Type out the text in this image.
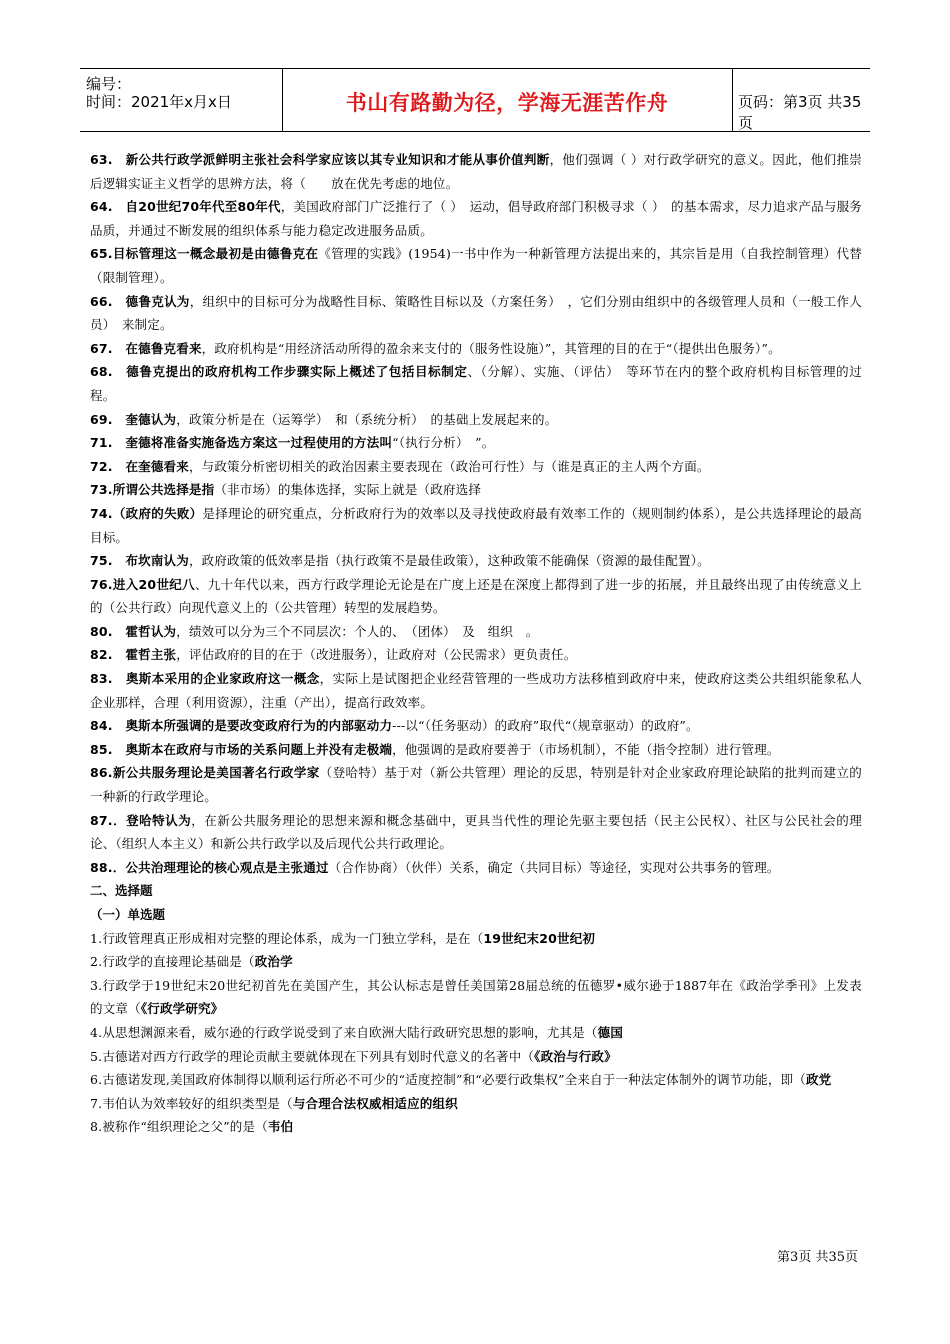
编号：
时间：2021年x月x日	书山有路勤为径，学海无涯苦作舟	页码：第3页 共35页

63.　新公共行政学派鲜明主张社会科学家应该以其专业知识和才能从事价值判断，他们强调（ ）对行政学研究的意义。因此，他们推崇后逻辑实证主义哲学的思辨方法，将（　　放在优先考虑的地位。

64.　自20世纪70年代至80年代，美国政府部门广泛推行了（ ）　运动，倡导政府部门积极寻求（ ）　的基本需求，尽力追求产品与服务品质，并通过不断发展的组织体系与能力稳定改进服务品质。

65.目标管理这一概念最初是由德鲁克在《管理的实践》(1954)一书中作为一种新管理方法提出来的，其宗旨是用（自我控制管理）代替（限制管理）。

66.　德鲁克认为，组织中的目标可分为战略性目标、策略性目标以及（方案任务）　，它们分别由组织中的各级管理人员和（一般工作人员）　来制定。

67.　在德鲁克看来，政府机构是“用经济活动所得的盈余来支付的（服务性设施）”，其管理的目的在于“（提供出色服务）”。

68.　德鲁克提出的政府机构工作步骤实际上概述了包括目标制定、（分解）、实施、（评估）　等环节在内的整个政府机构目标管理的过程。

69.　奎德认为，政策分析是在（运筹学）　和（系统分析）　的基础上发展起来的。

71.　奎德将准备实施备选方案这一过程使用的方法叫“（执行分析）　”。

72.　在奎德看来，与政策分析密切相关的政治因素主要表现在（政治可行性）与（谁是真正的主人两个方面。

73.所谓公共选择是指（非市场）的集体选择，实际上就是（政府选择

74.（政府的失败）是择理论的研究重点，分析政府行为的效率以及寻找使政府最有效率工作的（规则制约体系），是公共选择理论的最高目标。

75.　布坎南认为，政府政策的低效率是指（执行政策不是最佳政策），这种政策不能确保（资源的最佳配置）。

76.进入20世纪八、九十年代以来，西方行政学理论无论是在广度上还是在深度上都得到了进一步的拓展，并且最终出现了由传统意义上的（公共行政）向现代意义上的（公共管理）转型的发展趋势。

80.　霍哲认为，绩效可以分为三个不同层次：个人的、　（团体）　及　组织　。

82.　霍哲主张，评估政府的目的在于（改进服务），让政府对（公民需求）更负责任。

83.　奥斯本采用的企业家政府这一概念，实际上是试图把企业经营管理的一些成功方法移植到政府中来，使政府这类公共组织能象私人企业那样，合理（利用资源），注重（产出），提高行政效率。

84.　奥斯本所强调的是要改变政府行为的内部驱动力---以“（任务驱动）的政府”取代“（规章驱动）的政府”。

85.　奥斯本在政府与市场的关系问题上并没有走极端，他强调的是政府要善于（市场机制），不能（指令控制）进行管理。

86.新公共服务理论是美国著名行政学家（登哈特）基于对（新公共管理）理论的反思，特别是针对企业家政府理论缺陷的批判而建立的一种新的行政学理论。

87.．登哈特认为，在新公共服务理论的思想来源和概念基础中，更具当代性的理论先驱主要包括（民主公民权）、社区与公民社会的理论、（组织人本主义）和新公共行政学以及后现代公共行政理论。

88.．公共治理理论的核心观点是主张通过（合作协商）（伙伴）关系，确定（共同目标）等途径，实现对公共事务的管理。

二、选择题

（一）单选题

1.行政管理真正形成相对完整的理论体系，成为一门独立学科，是在（19世纪末20世纪初

2.行政学的直接理论基础是（政治学

3.行政学于19世纪末20世纪初首先在美国产生，其公认标志是曾任美国第28届总统的伍德罗•威尔逊于1887年在《政治学季刊》上发表的文章（《行政学研究》

4.从思想渊源来看，威尔逊的行政学说受到了来自欧洲大陆行政研究思想的影响，尤其是（德国

5.古德诺对西方行政学的理论贡献主要就体现在下列具有划时代意义的名著中（《政治与行政》

6.古德诺发现,美国政府体制得以顺利运行所必不可少的“适度控制”和“必要行政集权”全来自于一种法定体制外的调节功能，即（政党

7.韦伯认为效率较好的组织类型是（与合理合法权威相适应的组织

8.被称作“组织理论之父”的是（韦伯

第3页 共35页
